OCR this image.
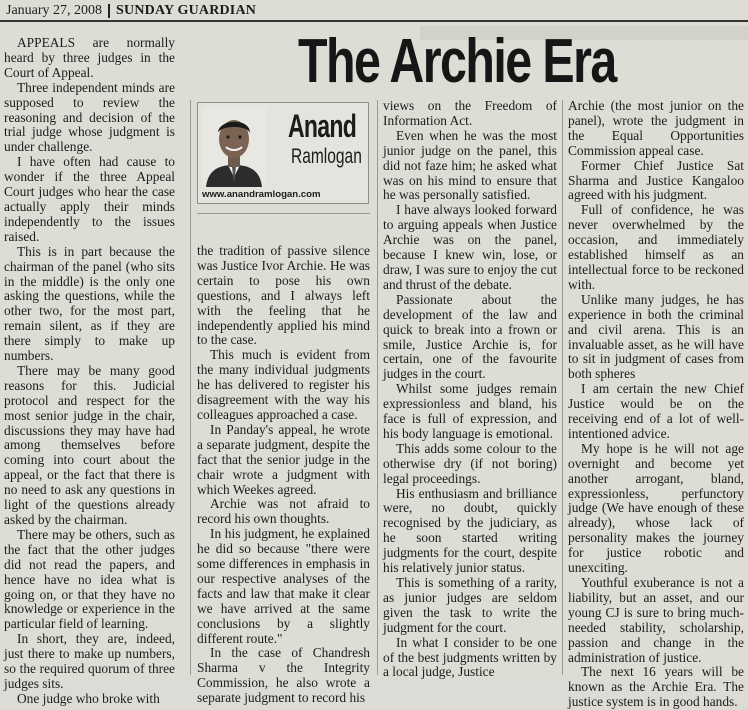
January 27, 2008 SUNDAY GUARDIAN
The Archie Era
Anand
Ramlogan
www.anandramlogan.com

APPEALS are normally heard by three judges in the Court of Appeal.

Three independent minds are supposed to review the reasoning and decision of the trial judge whose judgment is under challenge.

I have often had cause to wonder if the three Appeal Court judges who hear the case actually apply their minds independently to the issues raised.

This is in part because the chairman of the panel (who sits in the middle) is the only one asking the questions, while the other two, for the most part, remain silent, as if they are there simply to make up numbers.

There may be many good reasons for this. Judicial protocol and respect for the most senior judge in the chair, discussions they may have had among themselves before coming into court about the appeal, or the fact that there is no need to ask any questions in light of the questions already asked by the chairman.

There may be others, such as the fact that the other judges did not read the papers, and hence have no idea what is going on, or that they have no knowledge or experience in the particular field of learning.

In short, they are, indeed, just there to make up numbers, so the required quorum of three judges sits.

One judge who broke with

the tradition of passive silence was Justice Ivor Archie. He was certain to pose his own questions, and I always left with the feeling that he independently applied his mind to the case.

This much is evident from the many individual judgments he has delivered to register his disagreement with the way his colleagues approached a case.

In Panday's appeal, he wrote a separate judgment, despite the fact that the senior judge in the chair wrote a judgment with which Weekes agreed.

Archie was not afraid to record his own thoughts.

In his judgment, he explained he did so because "there were some differences in emphasis in our respective analyses of the facts and law that make it clear we have arrived at the same conclusions by a slightly different route."

In the case of Chandresh Sharma v the Integrity Commission, he also wrote a separate judgment to record his

views on the Freedom of Information Act.

Even when he was the most junior judge on the panel, this did not faze him; he asked what was on his mind to ensure that he was personally satisfied.

I have always looked forward to arguing appeals when Justice Archie was on the panel, because I knew win, lose, or draw, I was sure to enjoy the cut and thrust of the debate.

Passionate about the development of the law and quick to break into a frown or smile, Justice Archie is, for certain, one of the favourite judges in the court.

Whilst some judges remain expressionless and bland, his face is full of expression, and his body language is emotional.

This adds some colour to the otherwise dry (if not boring) legal proceedings.

His enthusiasm and brilliance were, no doubt, quickly recognised by the judiciary, as he soon started writing judgments for the court, despite his relatively junior status.

This is something of a rarity, as junior judges are seldom given the task to write the judgment for the court.

In what I consider to be one of the best judgments written by a local judge, Justice

Archie (the most junior on the panel), wrote the judgment in the Equal Opportunities Commission appeal case.

Former Chief Justice Sat Sharma and Justice Kangaloo agreed with his judgment.

Full of confidence, he was never overwhelmed by the occasion, and immediately established himself as an intellectual force to be reckoned with.

Unlike many judges, he has experience in both the criminal and civil arena. This is an invaluable asset, as he will have to sit in judgment of cases from both spheres

I am certain the new Chief Justice would be on the receiving end of a lot of well-intentioned advice.

My hope is he will not age overnight and become yet another arrogant, bland, expressionless, perfunctory judge (We have enough of these already), whose lack of personality makes the journey for justice robotic and unexciting.

Youthful exuberance is not a liability, but an asset, and our young CJ is sure to bring much-needed stability, scholarship, passion and change in the administration of justice.

The next 16 years will be known as the Archie Era. The justice system is in good hands.
